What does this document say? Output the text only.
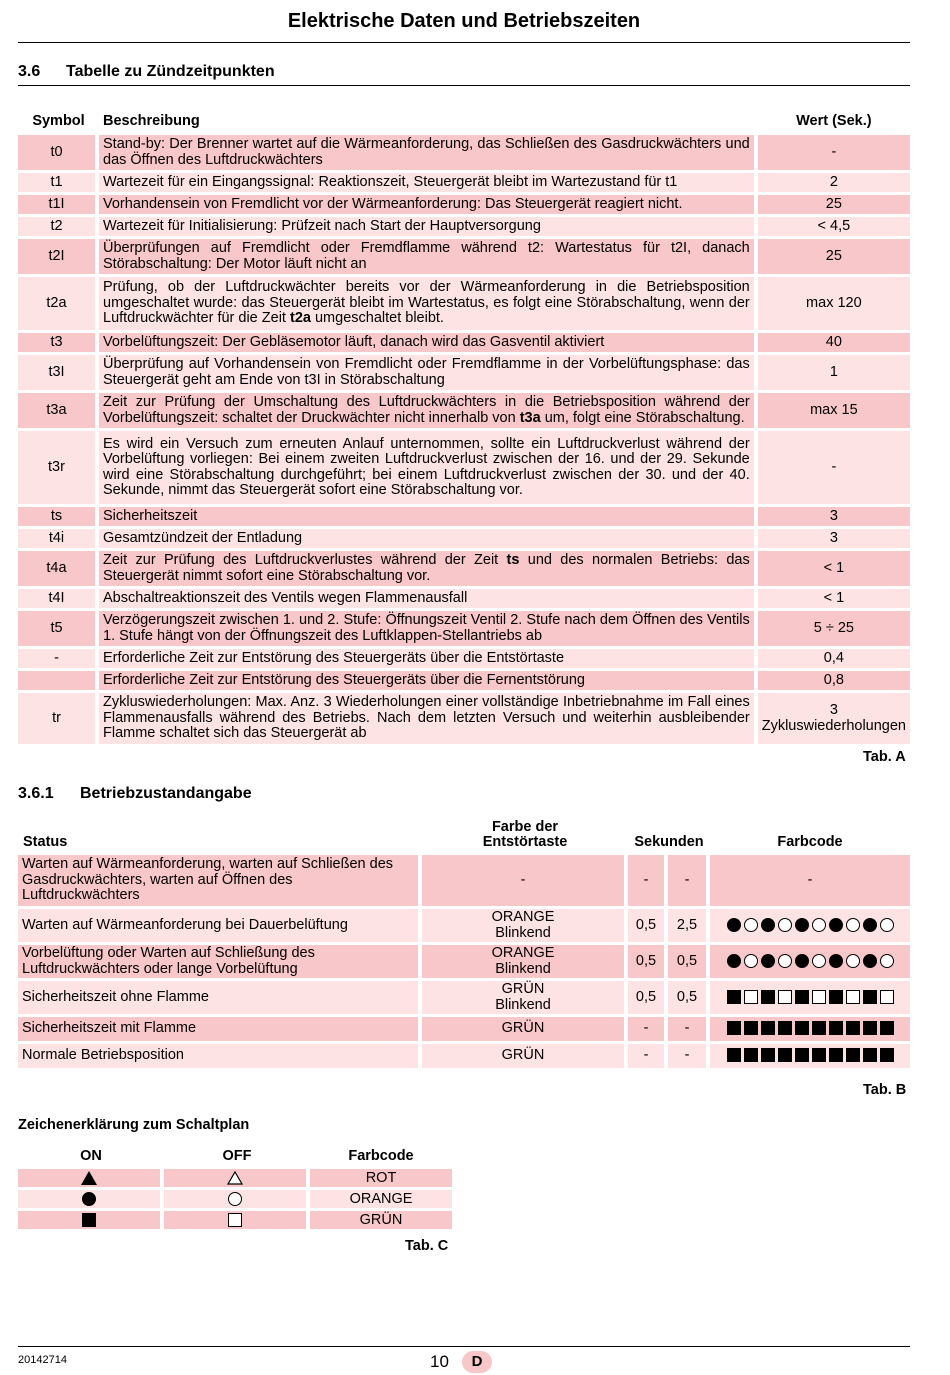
Elektrische Daten und Betriebszeiten
3.6 Tabelle zu Zündzeitpunkten
Symbol	Beschreibung	Wert (Sek.)
t0	Stand-by: Der Brenner wartet auf die Wärmeanforderung, das Schließen des Gasdruckwächters und das Öffnen des Luftdruckwächters	-
t1	Wartezeit für ein Eingangssignal: Reaktionszeit, Steuergerät bleibt im Wartezustand für t1	2
t1I	Vorhandensein von Fremdlicht vor der Wärmeanforderung: Das Steuergerät reagiert nicht.	25
t2	Wartezeit für Initialisierung: Prüfzeit nach Start der Hauptversorgung	< 4,5
t2I	Überprüfungen auf Fremdlicht oder Fremdflamme während t2: Wartestatus für t2I, danach Störabschaltung: Der Motor läuft nicht an	25
t2a	Prüfung, ob der Luftdruckwächter bereits vor der Wärmeanforderung in die Betriebsposition umgeschaltet wurde: das Steuergerät bleibt im Wartestatus, es folgt eine Störabschaltung, wenn der Luftdruckwächter für die Zeit t2a umgeschaltet bleibt.	max 120
t3	Vorbelüftungszeit: Der Gebläsemotor läuft, danach wird das Gasventil aktiviert	40
t3I	Überprüfung auf Vorhandensein von Fremdlicht oder Fremdflamme in der Vorbelüftungsphase: das Steuergerät geht am Ende von t3I in Störabschaltung	1
t3a	Zeit zur Prüfung der Umschaltung des Luftdruckwächters in die Betriebsposition während der Vorbelüftungszeit: schaltet der Druckwächter nicht innerhalb von t3a um, folgt eine Störabschaltung.	max 15
t3r	Es wird ein Versuch zum erneuten Anlauf unternommen, sollte ein Luftdruckverlust während der Vorbelüftung vorliegen: Bei einem zweiten Luftdruckverlust zwischen der 16. und der 29. Sekunde wird eine Störabschaltung durchgeführt; bei einem Luftdruckverlust zwischen der 30. und der 40. Sekunde, nimmt das Steuergerät sofort eine Störabschaltung vor.	-
ts	Sicherheitszeit	3
t4i	Gesamtzündzeit der Entladung	3
t4a	Zeit zur Prüfung des Luftdruckverlustes während der Zeit ts und des normalen Betriebs: das Steuergerät nimmt sofort eine Störabschaltung vor.	< 1
t4I	Abschaltreaktionszeit des Ventils wegen Flammenausfall	< 1
t5	Verzögerungszeit zwischen 1. und 2. Stufe: Öffnungszeit Ventil 2. Stufe nach dem Öffnen des Ventils 1. Stufe hängt von der Öffnungszeit des Luftklappen-Stellantriebs ab	5 ÷ 25
-	Erforderliche Zeit zur Entstörung des Steuergeräts über die Entstörtaste	0,4
	Erforderliche Zeit zur Entstörung des Steuergeräts über die Fernentstörung	0,8
tr	Zykluswiederholungen: Max. Anz. 3 Wiederholungen einer vollständige Inbetriebnahme im Fall eines Flammenausfalls während des Betriebs. Nach dem letzten Versuch und weiterhin ausbleibender Flamme schaltet sich das Steuergerät ab	3 Zykluswiederholungen
Tab. A
3.6.1 Betriebzustandangabe
Status	Farbe der Entstörtaste	Sekunden		Farbcode
Warten auf Wärmeanforderung, warten auf Schließen des Gasdruckwächters, warten auf Öffnen des Luftdruckwächters	-	-	-	-
Warten auf Wärmeanforderung bei Dauerbelüftung	ORANGE Blinkend	0,5	2,5	

Vorbelüftung oder Warten auf Schließung des Luftdruckwächters oder lange Vorbelüftung	ORANGE Blinkend	0,5	0,5	

Sicherheitszeit ohne Flamme	GRÜN Blinkend	0,5	0,5	

Sicherheitszeit mit Flamme	GRÜN	-	-	

Normale Betriebsposition	GRÜN	-	-	
Tab. B
Zeichenerklärung zum Schaltplan
ON	OFF	Farbcode
		ROT
		ORANGE
		GRÜN
Tab. C
20142714	10	D
